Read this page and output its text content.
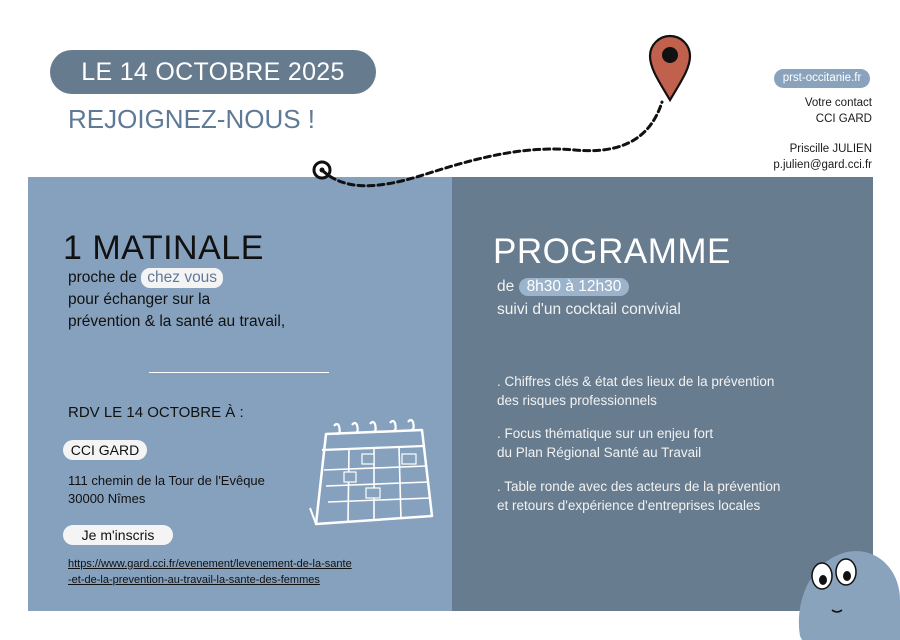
LE 14 OCTOBRE 2025
REJOIGNEZ-NOUS !
prst-occitanie.fr
Votre contact
CCI GARD
Priscille JULIEN
p.julien@gard.cci.fr
1 MATINALE
proche de chez vous
pour échanger sur la
prévention & la santé au travail,
RDV LE 14 OCTOBRE À :
CCI GARD
111 chemin de la Tour de l'Evêque
30000 Nîmes
Je m'inscris
https://www.gard.cci.fr/evenement/levenement-de-la-sante
-et-de-la-prevention-au-travail-la-sante-des-femmes
PROGRAMME
de 8h30 à 12h30
suivi d'un cocktail convivial
. Chiffres clés & état des lieux de la prévention
des risques professionnels
. Focus thématique sur un enjeu fort
du Plan Régional Santé au Travail
. Table ronde avec des acteurs de la prévention
et retours d'expérience d'entreprises locales
